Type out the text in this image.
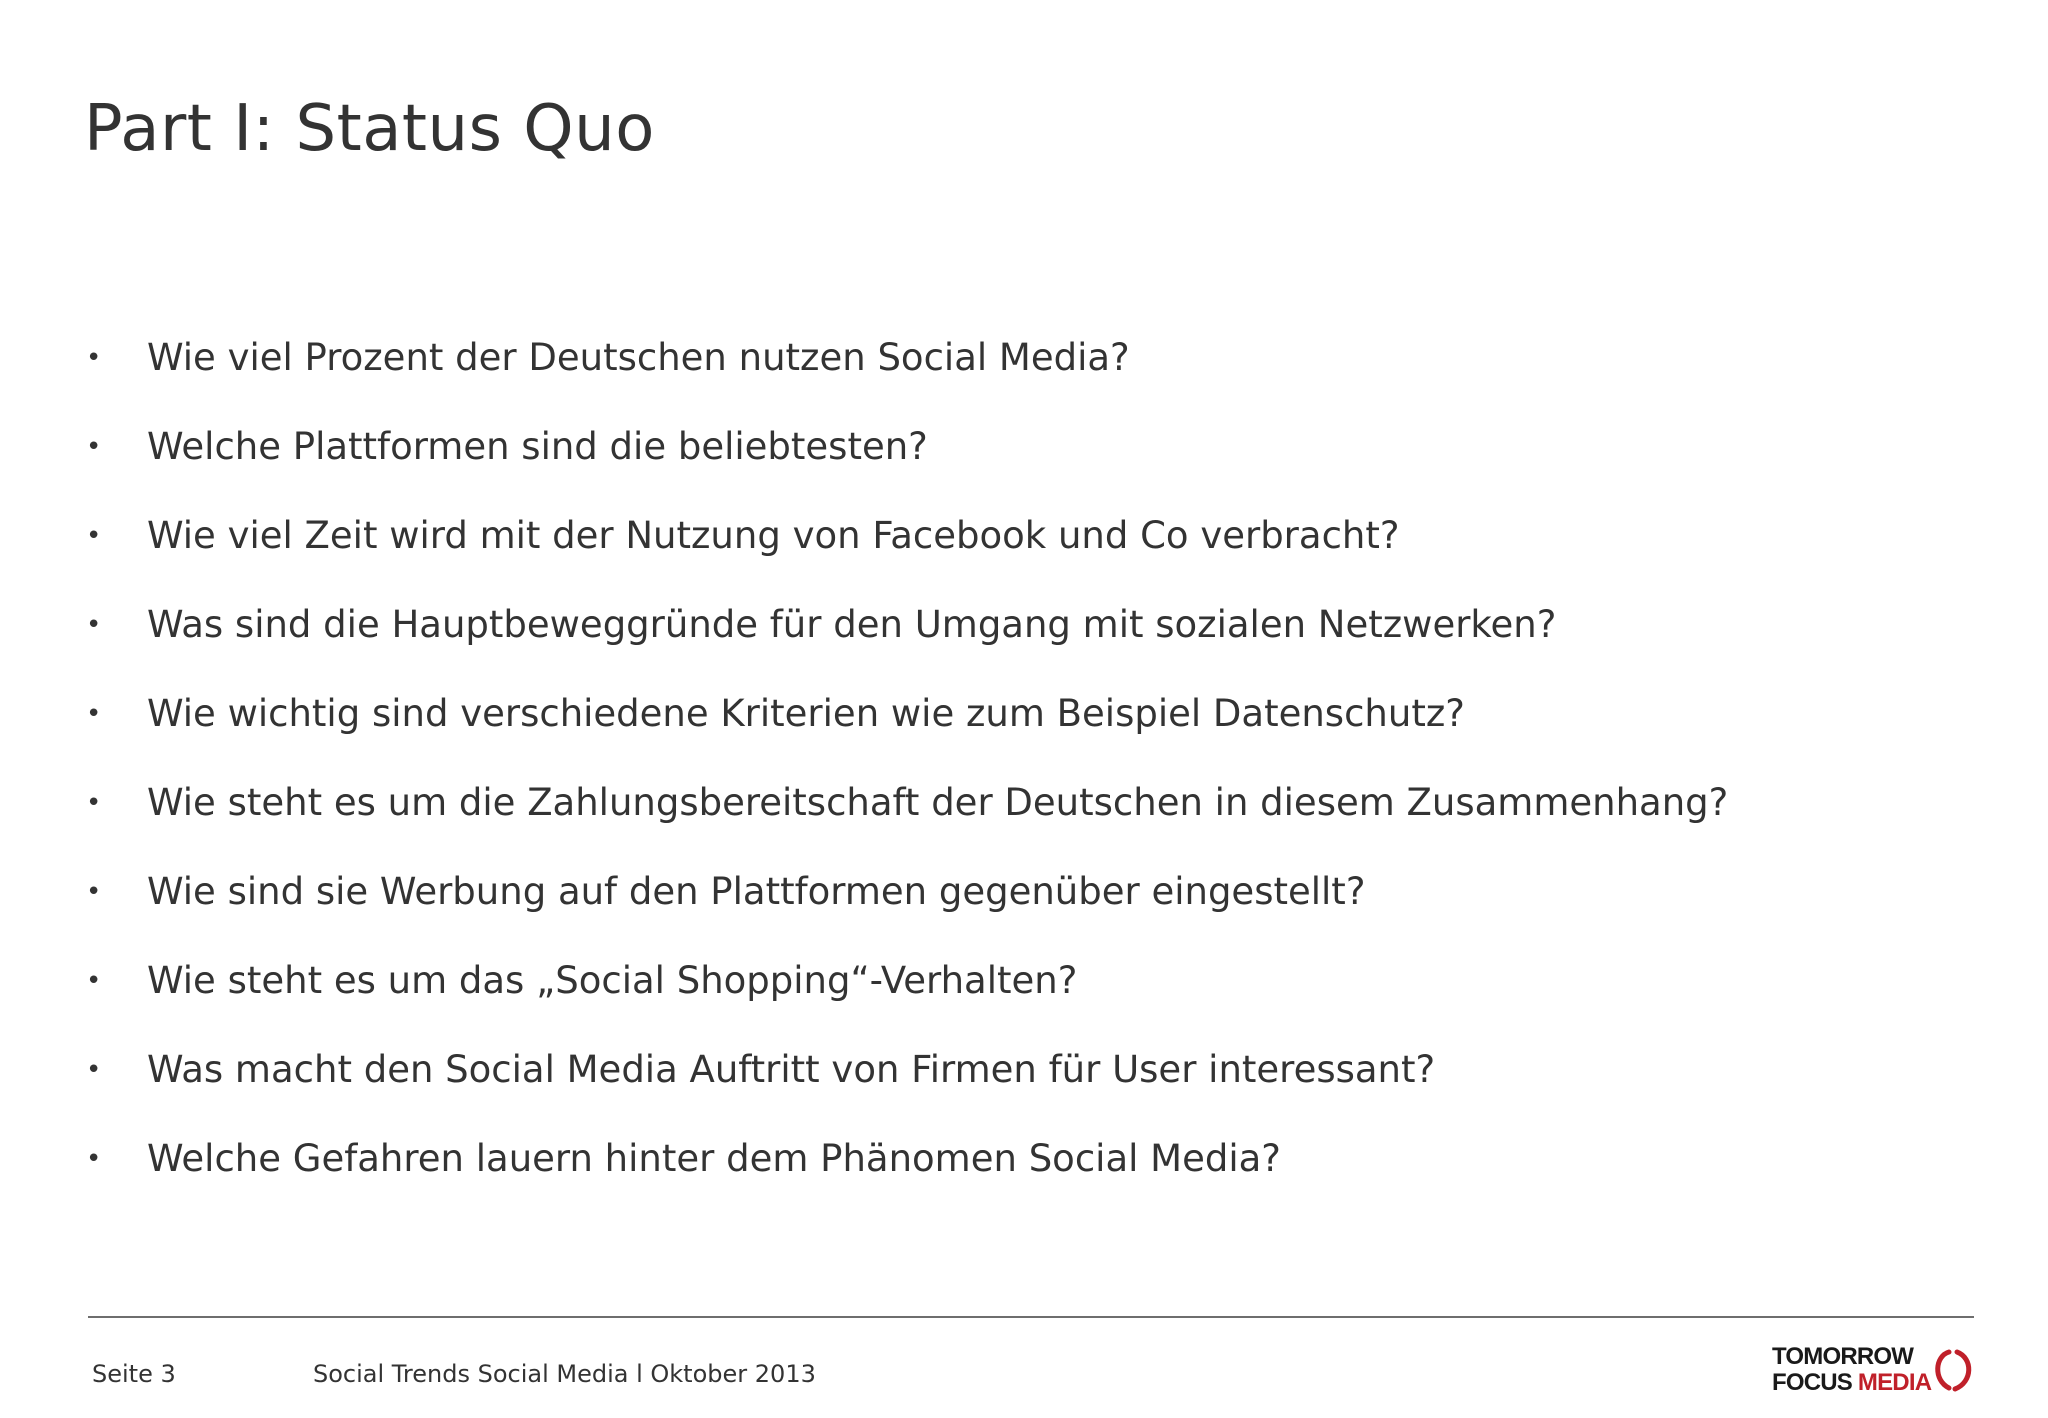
Part I: Status Quo
• Wie viel Prozent der Deutschen nutzen Social Media?
• Welche Plattformen sind die beliebtesten?
• Wie viel Zeit wird mit der Nutzung von Facebook und Co verbracht?
• Was sind die Hauptbeweggründe für den Umgang mit sozialen Netzwerken?
• Wie wichtig sind verschiedene Kriterien wie zum Beispiel Datenschutz?
• Wie steht es um die Zahlungsbereitschaft der Deutschen in diesem Zusammenhang?
• Wie sind sie Werbung auf den Plattformen gegenüber eingestellt?
• Wie steht es um das „Social Shopping“-Verhalten?
• Was macht den Social Media Auftritt von Firmen für User interessant?
• Welche Gefahren lauern hinter dem Phänomen Social Media?
Seite 3	Social Trends Social Media l Oktober 2013
TOMORROW
FOCUS MEDIA
